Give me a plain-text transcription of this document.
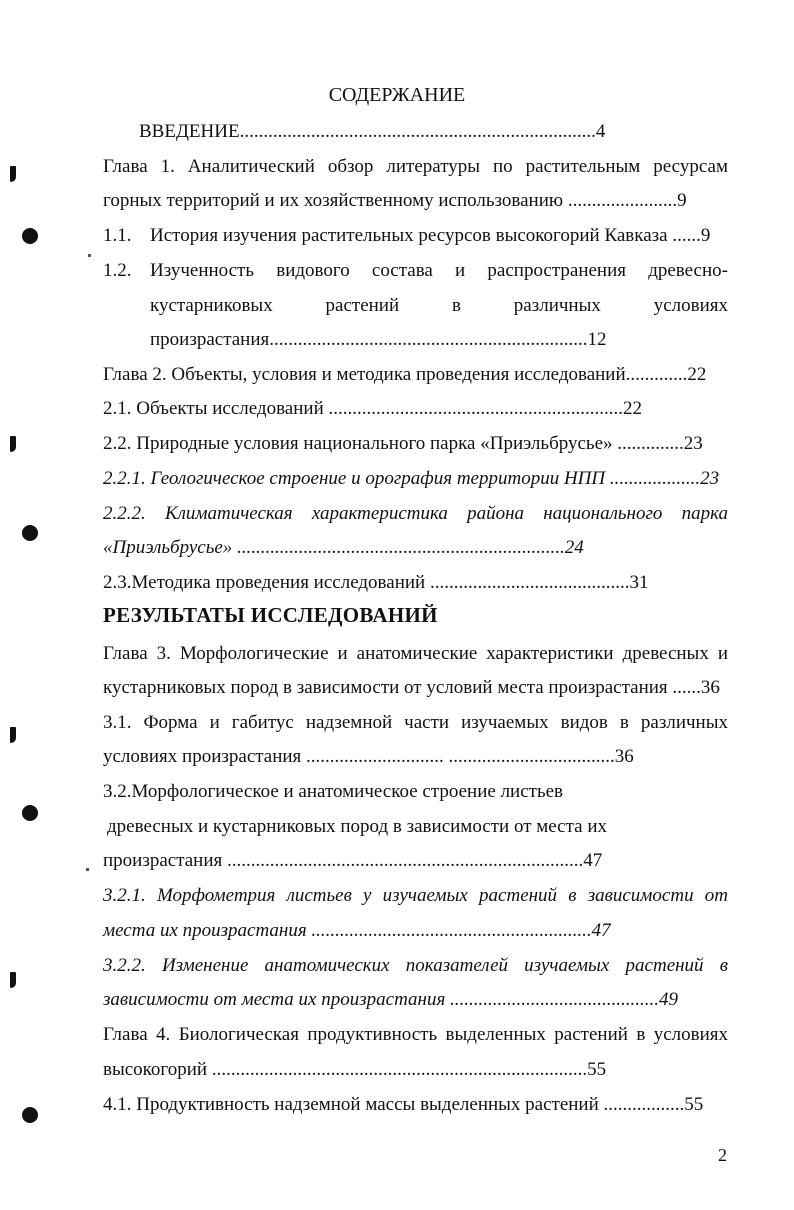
СОДЕРЖАНИЕ
ВВЕДЕНИЕ...........................................................................4
Глава 1. Аналитический обзор литературы по растительным ресурсам
горных территорий и их хозяйственному использованию .......................9
1.1. История изучения растительных ресурсов высокогорий Кавказа ......9
1.2. Изученность видового состава и распространения древесно-
кустарниковых растений в различных условиях
произрастания...................................................................12
Глава 2. Объекты, условия и методика проведения исследований.............22
2.1. Объекты исследований ..............................................................22
2.2. Природные условия национального парка «Приэльбрусье» ..............23
2.2.1. Геологическое строение и орография территории НПП ...................23
2.2.2. Климатическая характеристика района национального парка
«Приэльбрусье» .....................................................................24
2.3.Методика проведения исследований ..........................................31
РЕЗУЛЬТАТЫ ИССЛЕДОВАНИЙ
Глава 3. Морфологические и анатомические характеристики древесных и
кустарниковых пород в зависимости от условий места произрастания ......36
3.1. Форма и габитус надземной части изучаемых видов в различных
условиях произрастания ............................. ...................................36
3.2.Морфологическое и анатомическое строение листьев
древесных и кустарниковых пород в зависимости от места их
произрастания ...........................................................................47
3.2.1. Морфометрия листьев у изучаемых растений в зависимости от
места их произрастания ...........................................................47
3.2.2. Изменение анатомических показателей изучаемых растений в
зависимости от места их произрастания ............................................49
Глава 4. Биологическая продуктивность выделенных растений в условиях
высокогорий ...............................................................................55
4.1. Продуктивность надземной массы выделенных растений .................55
2
